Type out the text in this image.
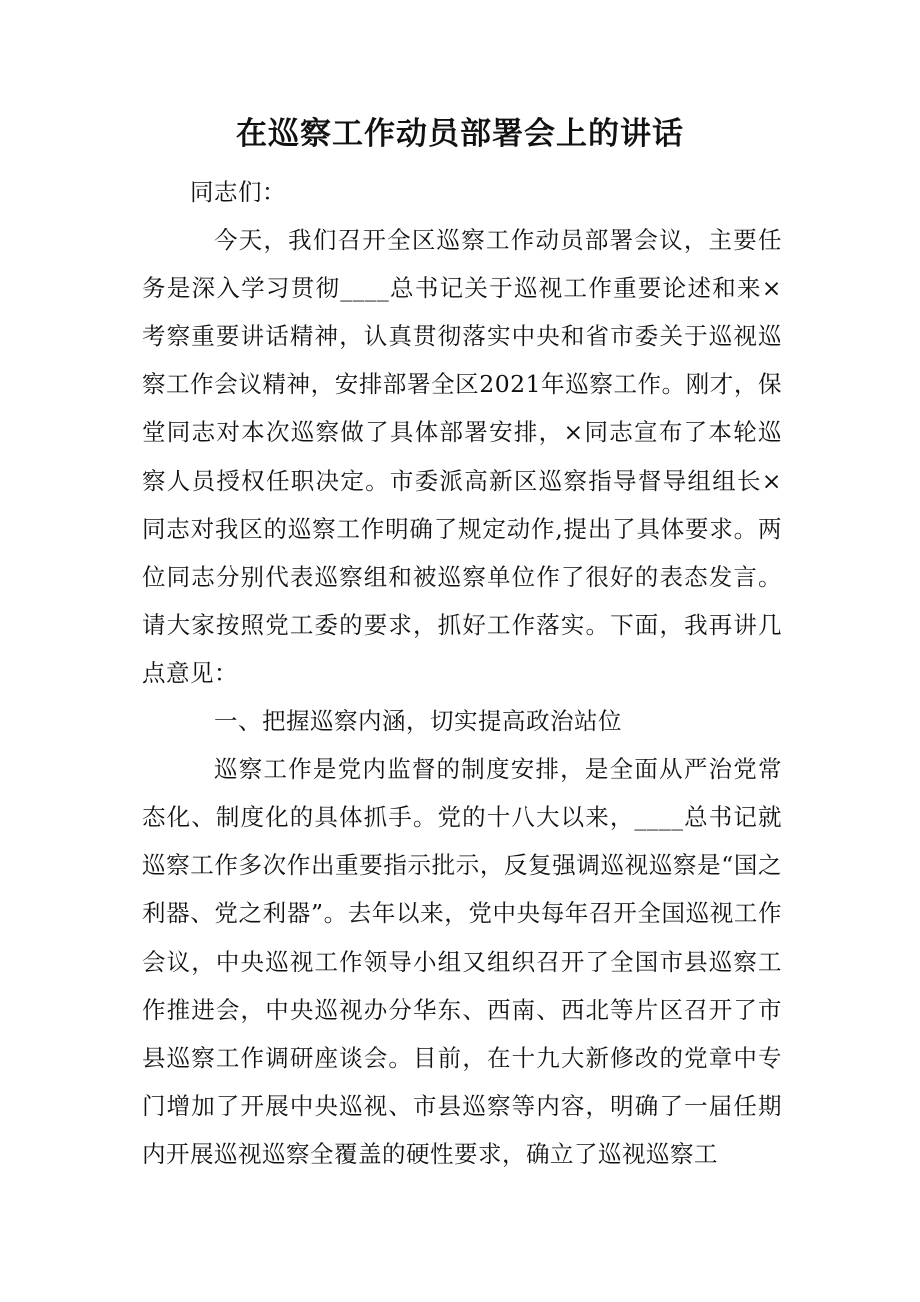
在巡察工作动员部署会上的讲话

同志们：

今天，我们召开全区巡察工作动员部署会议，主要任务是深入学习贯彻____总书记关于巡视工作重要论述和来×考察重要讲话精神，认真贯彻落实中央和省市委关于巡视巡察工作会议精神，安排部署全区2021年巡察工作。刚才，保堂同志对本次巡察做了具体部署安排，×同志宣布了本轮巡察人员授权任职决定。市委派高新区巡察指导督导组组长×同志对我区的巡察工作明确了规定动作,提出了具体要求。两位同志分别代表巡察组和被巡察单位作了很好的表态发言。请大家按照党工委的要求，抓好工作落实。下面，我再讲几点意见：

一、把握巡察内涵，切实提高政治站位

巡察工作是党内监督的制度安排，是全面从严治党常态化、制度化的具体抓手。党的十八大以来，____总书记就巡察工作多次作出重要指示批示，反复强调巡视巡察是“国之利器、党之利器”。去年以来，党中央每年召开全国巡视工作会议，中央巡视工作领导小组又组织召开了全国市县巡察工作推进会，中央巡视办分华东、西南、西北等片区召开了市县巡察工作调研座谈会。目前，在十九大新修改的党章中专门增加了开展中央巡视、市县巡察等内容，明确了一届任期内开展巡视巡察全覆盖的硬性要求，确立了巡视巡察工
